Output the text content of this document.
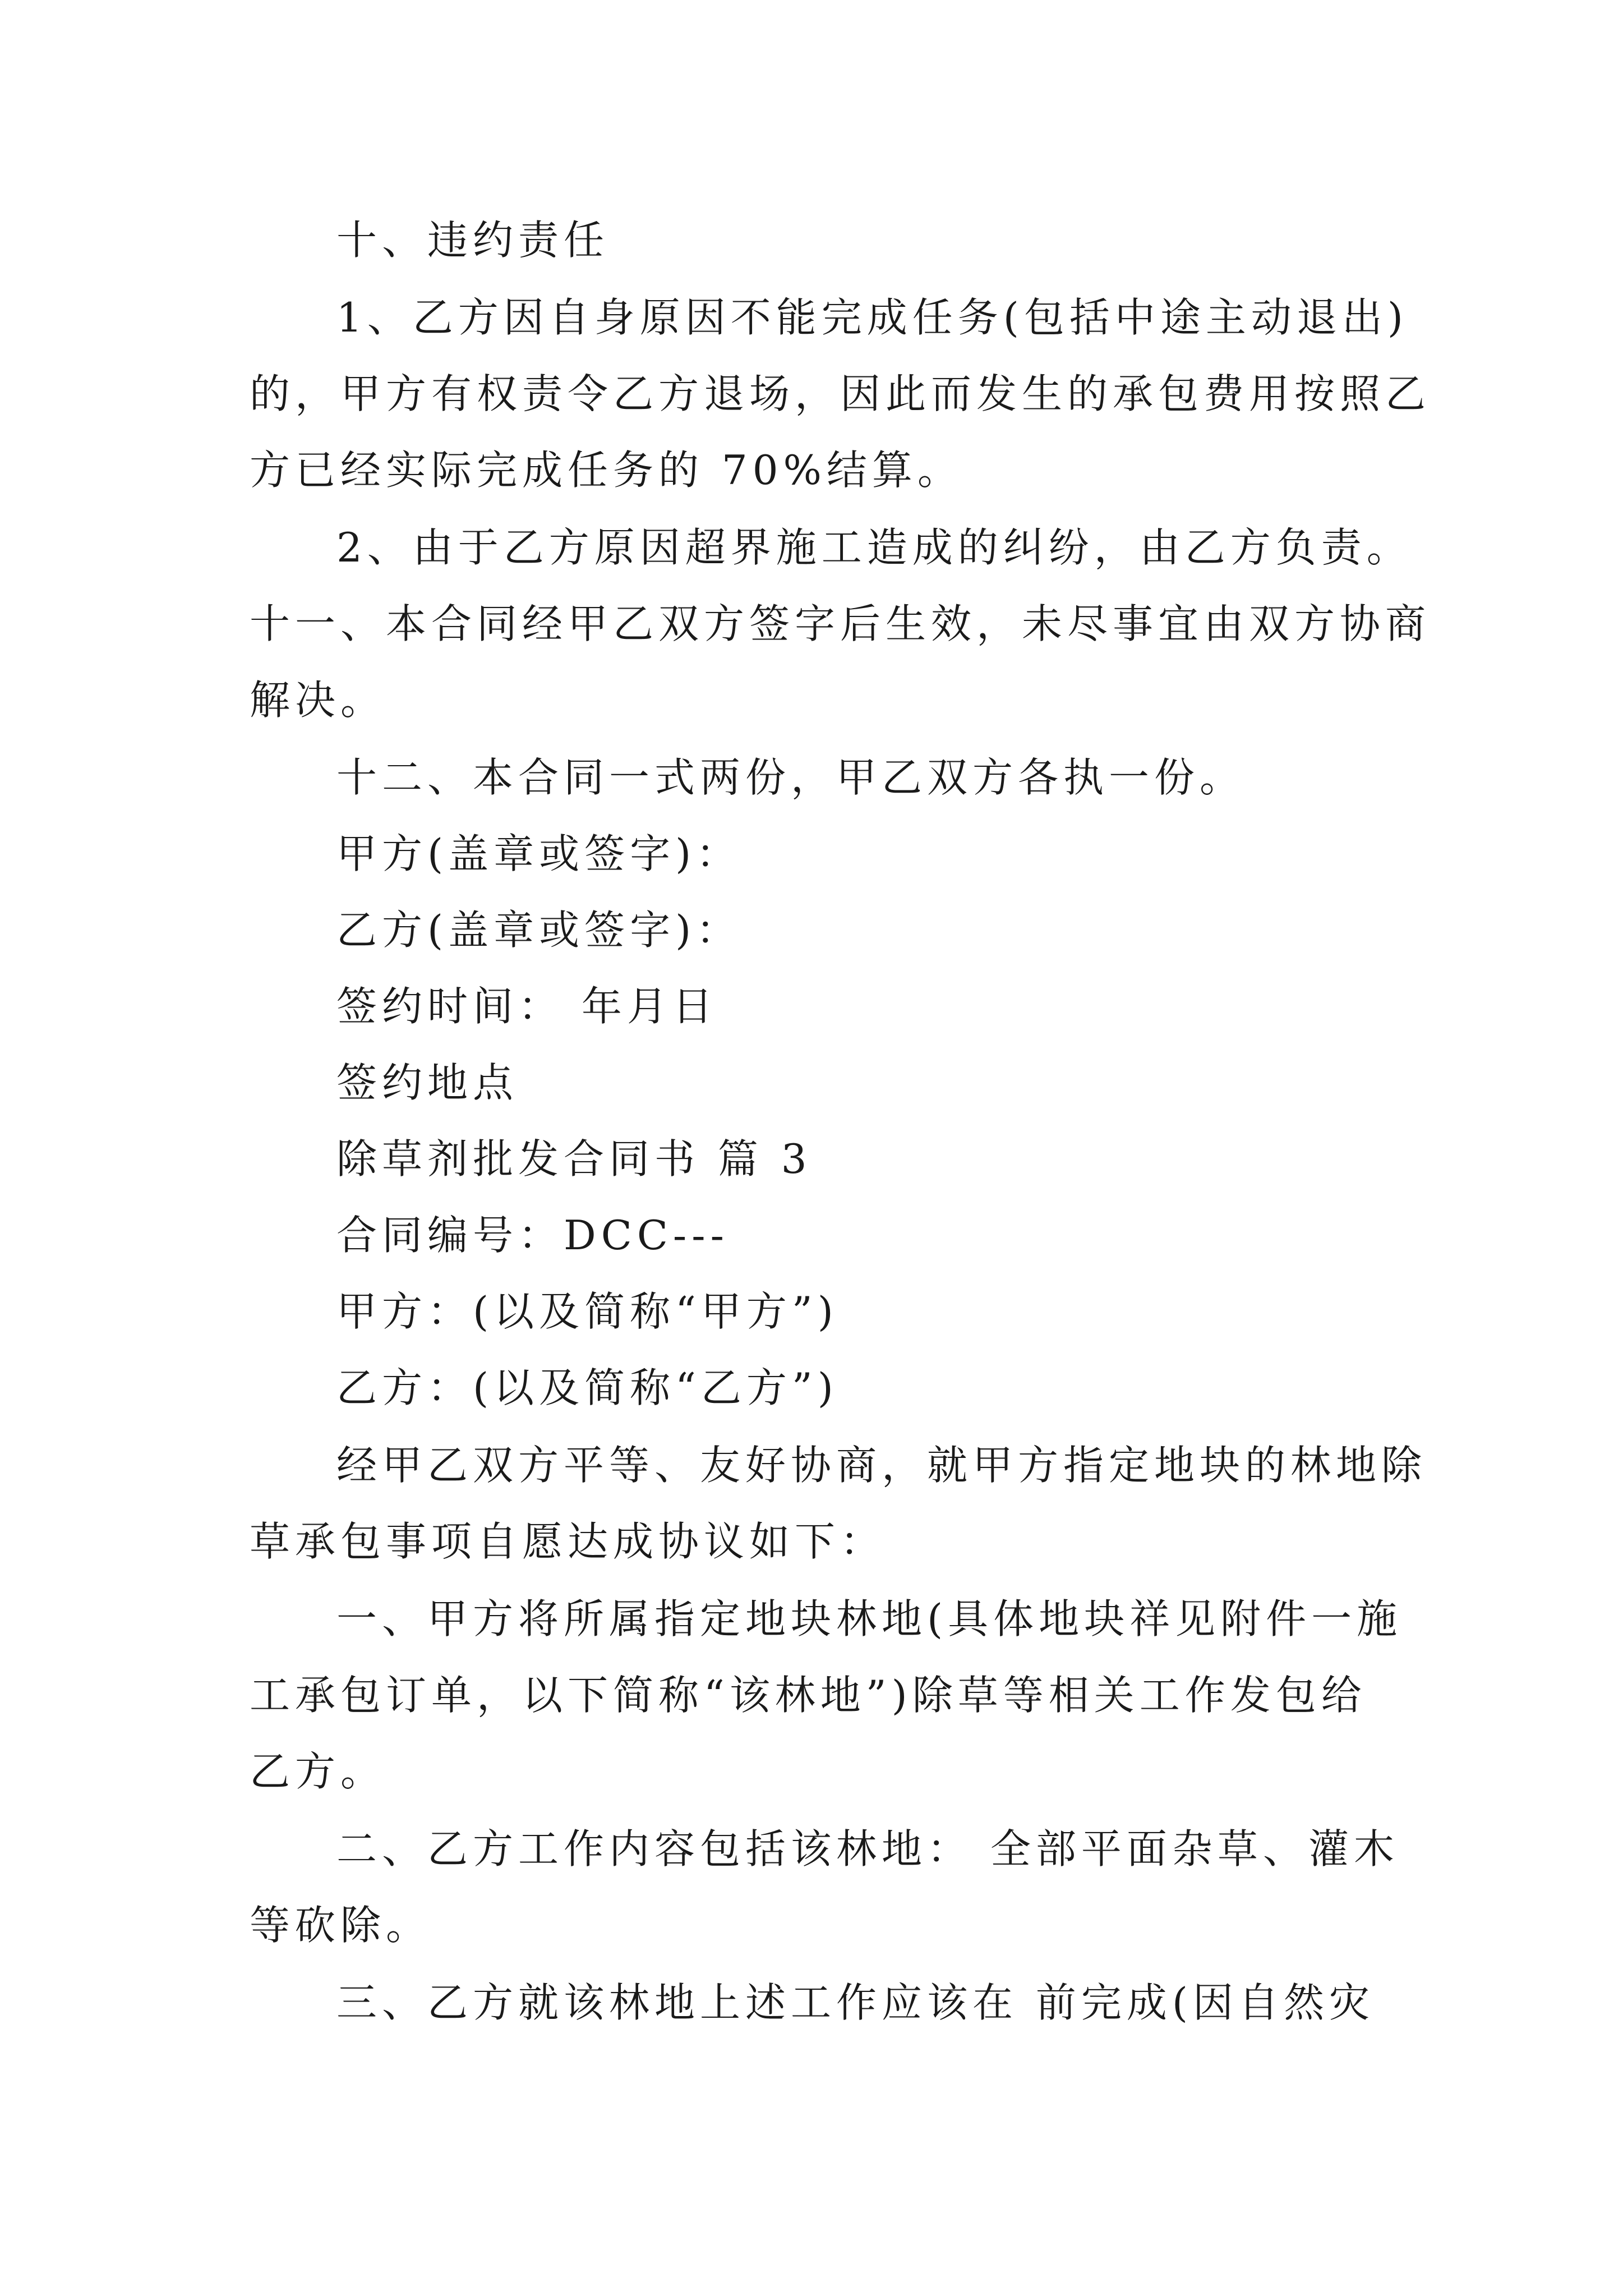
十、违约责任

1、乙方因自身原因不能完成任务(包括中途主动退出)

的，甲方有权责令乙方退场，因此而发生的承包费用按照乙

方已经实际完成任务的 70%结算。

2、由于乙方原因超界施工造成的纠纷，由乙方负责。

十一、本合同经甲乙双方签字后生效，未尽事宜由双方协商

解决。

十二、本合同一式两份，甲乙双方各执一份。

甲方(盖章或签字)：

乙方(盖章或签字)：

签约时间： 年月日

签约地点

除草剂批发合同书 篇 3

合同编号：DCC---

甲方：(以及简称“甲方”)

乙方：(以及简称“乙方”)

经甲乙双方平等、友好协商，就甲方指定地块的林地除

草承包事项自愿达成协议如下：

一、甲方将所属指定地块林地(具体地块祥见附件一施

工承包订单，以下简称“该林地”)除草等相关工作发包给

乙方。

二、乙方工作内容包括该林地： 全部平面杂草、灌木

等砍除。

三、乙方就该林地上述工作应该在 前完成(因自然灾
